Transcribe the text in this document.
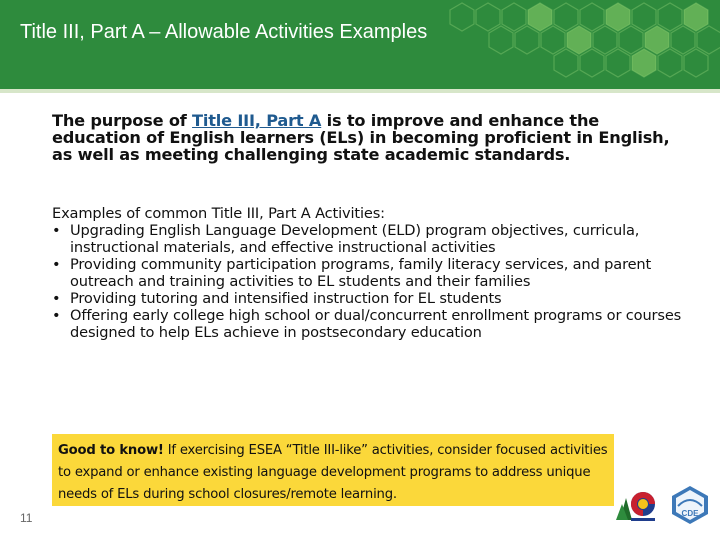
Title III, Part A – Allowable Activities Examples
The purpose of Title III, Part A is to improve and enhance the education of English learners (ELs) in becoming proficient in English, as well as meeting challenging state academic standards.
Examples of common Title III, Part A Activities:
• Upgrading English Language Development (ELD) program objectives, curricula, instructional materials, and effective instructional activities
• Providing community participation programs, family literacy services, and parent outreach and training activities to EL students and their families
• Providing tutoring and intensified instruction for EL students
• Offering early college high school or dual/concurrent enrollment programs or courses designed to help ELs achieve in postsecondary education
Good to know! If exercising ESEA “Title III-like” activities, consider focused activities to expand or enhance existing language development programs to address unique needs of ELs during school closures/remote learning.
11	CDE
